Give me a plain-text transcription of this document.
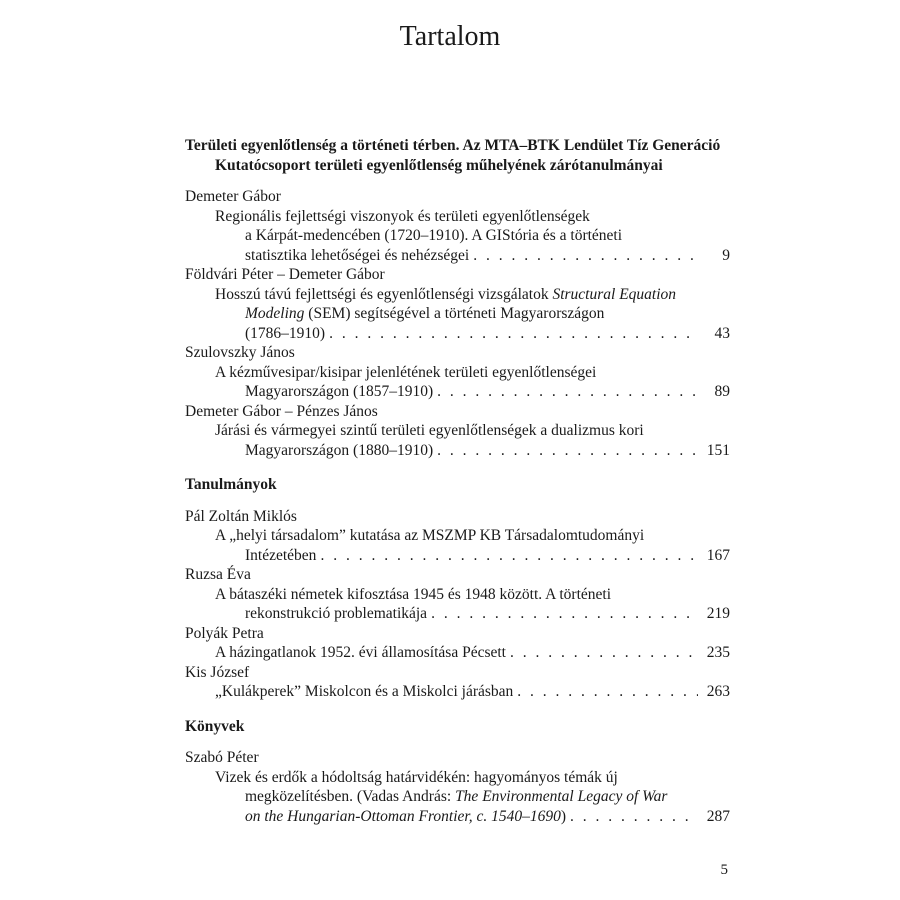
Tartalom
Területi egyenlőtlenség a történeti térben. Az MTA–BTK Lendület Tíz Generáció Kutatócsoport területi egyenlőtlenség műhelyének zárótanulmányai
Demeter Gábor
Regionális fejlettségi viszonyok és területi egyenlőtlenségek
a Kárpát-medencében (1720–1910). A GIStória és a történeti
statisztika lehetőségei és nehézségei . . .	9
Földvári Péter – Demeter Gábor
Hosszú távú fejlettségi és egyenlőtlenségi vizsgálatok Structural Equation
Modeling (SEM) segítségével a történeti Magyarországon
(1786–1910) . . .	43
Szulovszky János
A kézművesipar/kisipar jelenlétének területi egyenlőtlenségei
Magyarországon (1857–1910) . . .	89
Demeter Gábor – Pénzes János
Járási és vármegyei szintű területi egyenlőtlenségek a dualizmus kori
Magyarországon (1880–1910) . . .	151
Tanulmányok
Pál Zoltán Miklós
A „helyi társadalom” kutatása az MSZMP KB Társadalomtudományi
Intézetében . . .	167
Ruzsa Éva
A bátaszéki németek kifosztása 1945 és 1948 között. A történeti
rekonstrukció problematikája . . .	219
Polyák Petra
A házingatlanok 1952. évi államosítása Pécsett . . .	235
Kis József
„Kulákperek” Miskolcon és a Miskolci járásban . . .	263
Könyvek
Szabó Péter
Vizek és erdők a hódoltság határvidékén: hagyományos témák új
megközelítésben. (Vadas András: The Environmental Legacy of War
on the Hungarian-Ottoman Frontier, c. 1540–1690) . . .	287
5
